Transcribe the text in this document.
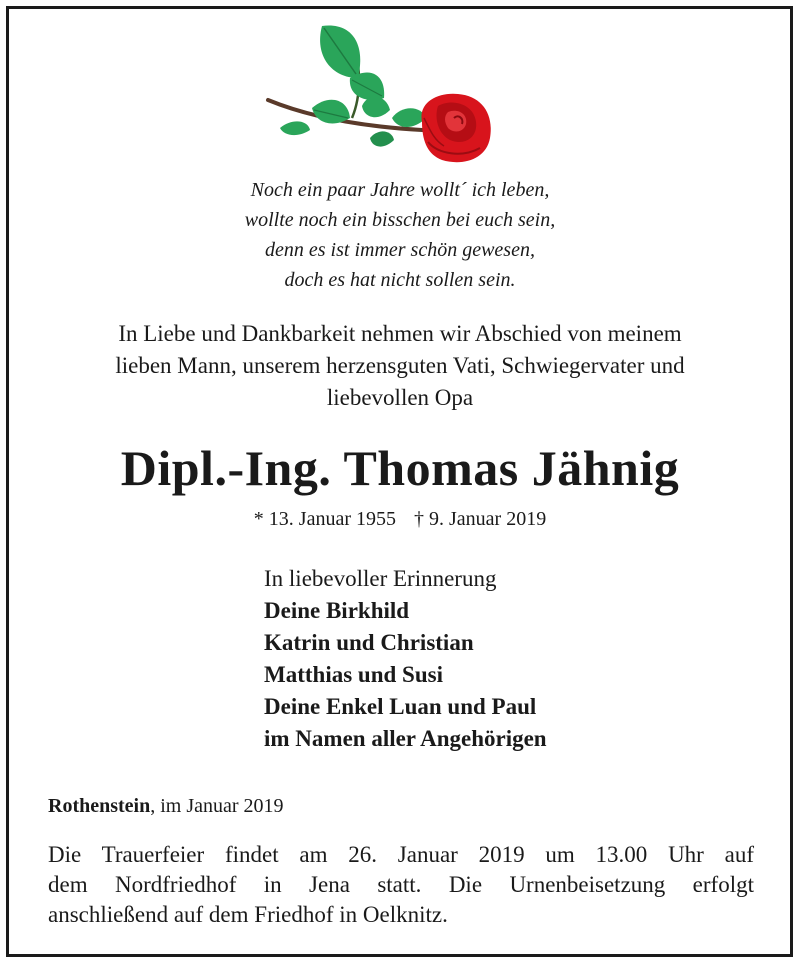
Noch ein paar Jahre wollt´ ich leben,
wollte noch ein bisschen bei euch sein,
denn es ist immer schön gewesen,
doch es hat nicht sollen sein.
In Liebe und Dankbarkeit nehmen wir Abschied von meinem
lieben Mann, unserem herzensguten Vati, Schwiegervater und
liebevollen Opa
Dipl.-Ing. Thomas Jähnig
* 13. Januar 1955 † 9. Januar 2019
In liebevoller Erinnerung
Deine Birkhild
Katrin und Christian
Matthias und Susi
Deine Enkel Luan und Paul
im Namen aller Angehörigen
Rothenstein, im Januar 2019
Die Trauerfeier findet am 26. Januar 2019 um 13.00 Uhr auf
dem Nordfriedhof in Jena statt. Die Urnenbeisetzung erfolgt
anschließend auf dem Friedhof in Oelknitz.
